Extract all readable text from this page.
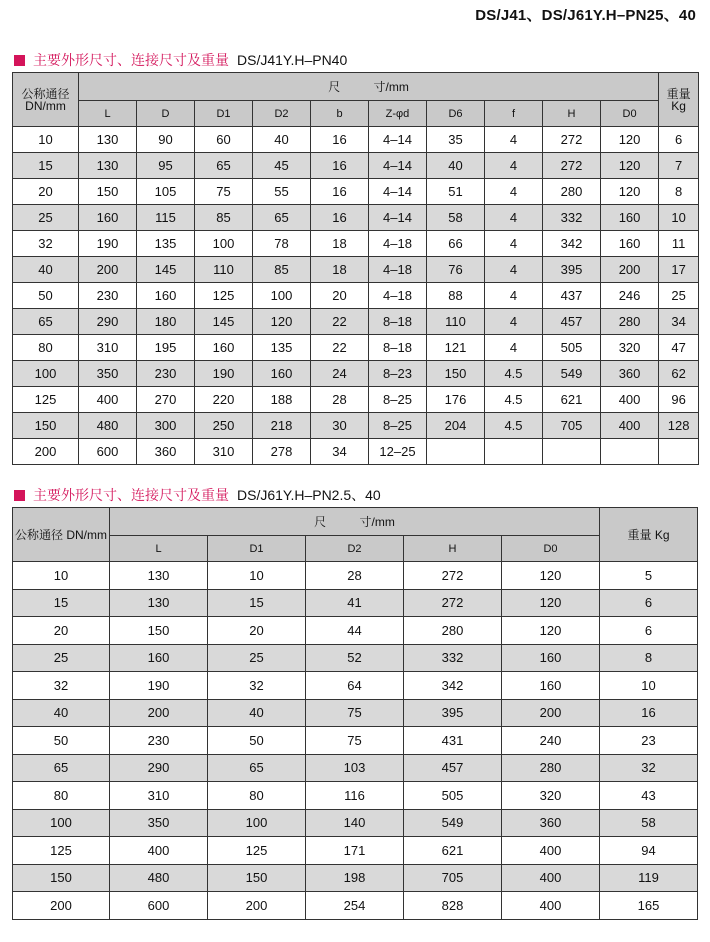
DS/J41、DS/J61Y.H–PN25、40
主要外形尺寸、连接尺寸及重量 DS/J41Y.H–PN40
公称通径 DN/mm	尺          寸/mm										重量 Kg
	L	D	D1	D2	b	Z-φd	D6	f	H	D0	
10	130	90	60	40	16	4–14	35	4	272	120	6
15	130	95	65	45	16	4–14	40	4	272	120	7
20	150	105	75	55	16	4–14	51	4	280	120	8
25	160	115	85	65	16	4–14	58	4	332	160	10
32	190	135	100	78	18	4–18	66	4	342	160	11
40	200	145	110	85	18	4–18	76	4	395	200	17
50	230	160	125	100	20	4–18	88	4	437	246	25
65	290	180	145	120	22	8–18	110	4	457	280	34
80	310	195	160	135	22	8–18	121	4	505	320	47
100	350	230	190	160	24	8–23	150	4.5	549	360	62
125	400	270	220	188	28	8–25	176	4.5	621	400	96
150	480	300	250	218	30	8–25	204	4.5	705	400	128
200	600	360	310	278	34	12–25					
主要外形尺寸、连接尺寸及重量 DS/J61Y.H–PN2.5、40
公称通径 DN/mm	尺          寸/mm					重量 Kg
	L	D1	D2	H	D0	
10	130	10	28	272	120	5
15	130	15	41	272	120	6
20	150	20	44	280	120	6
25	160	25	52	332	160	8
32	190	32	64	342	160	10
40	200	40	75	395	200	16
50	230	50	75	431	240	23
65	290	65	103	457	280	32
80	310	80	116	505	320	43
100	350	100	140	549	360	58
125	400	125	171	621	400	94
150	480	150	198	705	400	119
200	600	200	254	828	400	165
